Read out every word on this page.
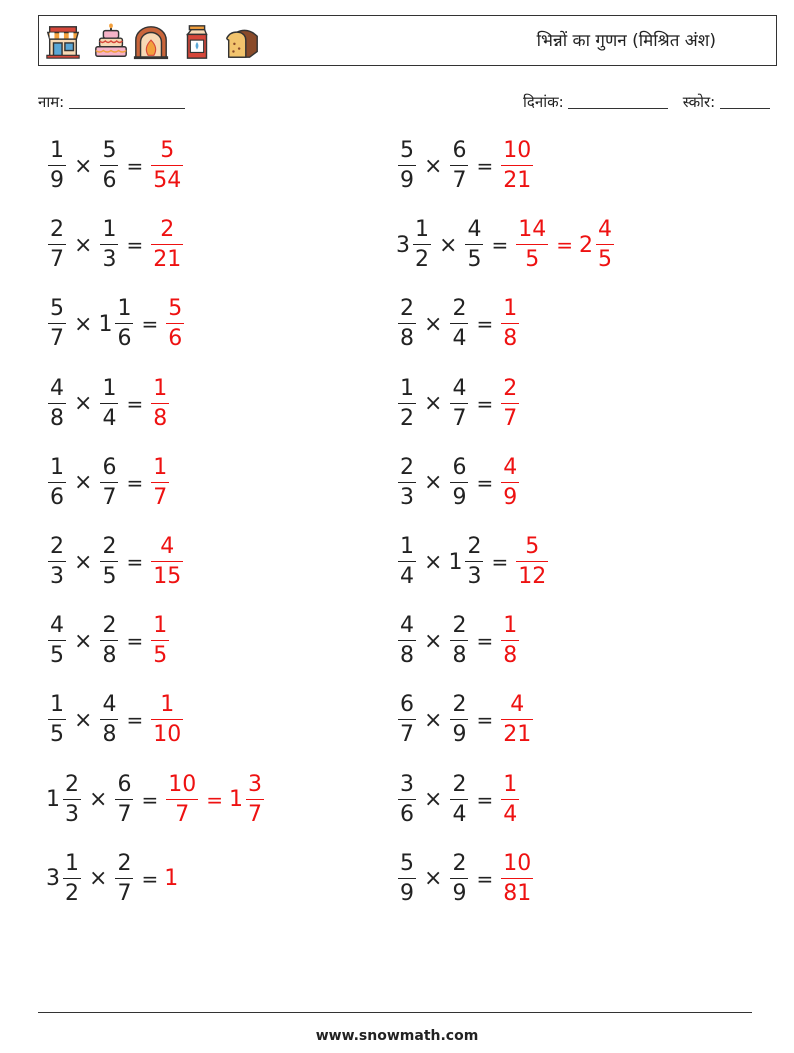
भिन्नों का गुणन (मिश्रित अंश)
नाम:	दिनांक:	स्कोर:
$\frac{1}{9} \times \frac{5}{6} = \frac{5}{54}$	$\frac{5}{9} \times \frac{6}{7} = \frac{10}{21}$
$\frac{2}{7} \times \frac{1}{3} = \frac{2}{21}$	$3 \frac{1}{2} \times \frac{4}{5} = \frac{14}{5} = 2 \frac{4}{5}$
$\frac{5}{7} \times 1 \frac{1}{6} = \frac{5}{6}$	$\frac{2}{8} \times \frac{2}{4} = \frac{1}{8}$
$\frac{4}{8} \times \frac{1}{4} = \frac{1}{8}$	$\frac{1}{2} \times \frac{4}{7} = \frac{2}{7}$
$\frac{1}{6} \times \frac{6}{7} = \frac{1}{7}$	$\frac{2}{3} \times \frac{6}{9} = \frac{4}{9}$
$\frac{2}{3} \times \frac{2}{5} = \frac{4}{15}$	$\frac{1}{4} \times 1 \frac{2}{3} = \frac{5}{12}$
$\frac{4}{5} \times \frac{2}{8} = \frac{1}{5}$	$\frac{4}{8} \times \frac{2}{8} = \frac{1}{8}$
$\frac{1}{5} \times \frac{4}{8} = \frac{1}{10}$	$\frac{6}{7} \times \frac{2}{9} = \frac{4}{21}$
$1 \frac{2}{3} \times \frac{6}{7} = \frac{10}{7} = 1 \frac{3}{7}$	$\frac{3}{6} \times \frac{2}{4} = \frac{1}{4}$
$3 \frac{1}{2} \times \frac{2}{7} = 1$	$\frac{5}{9} \times \frac{2}{9} = \frac{10}{81}$
www.snowmath.com
